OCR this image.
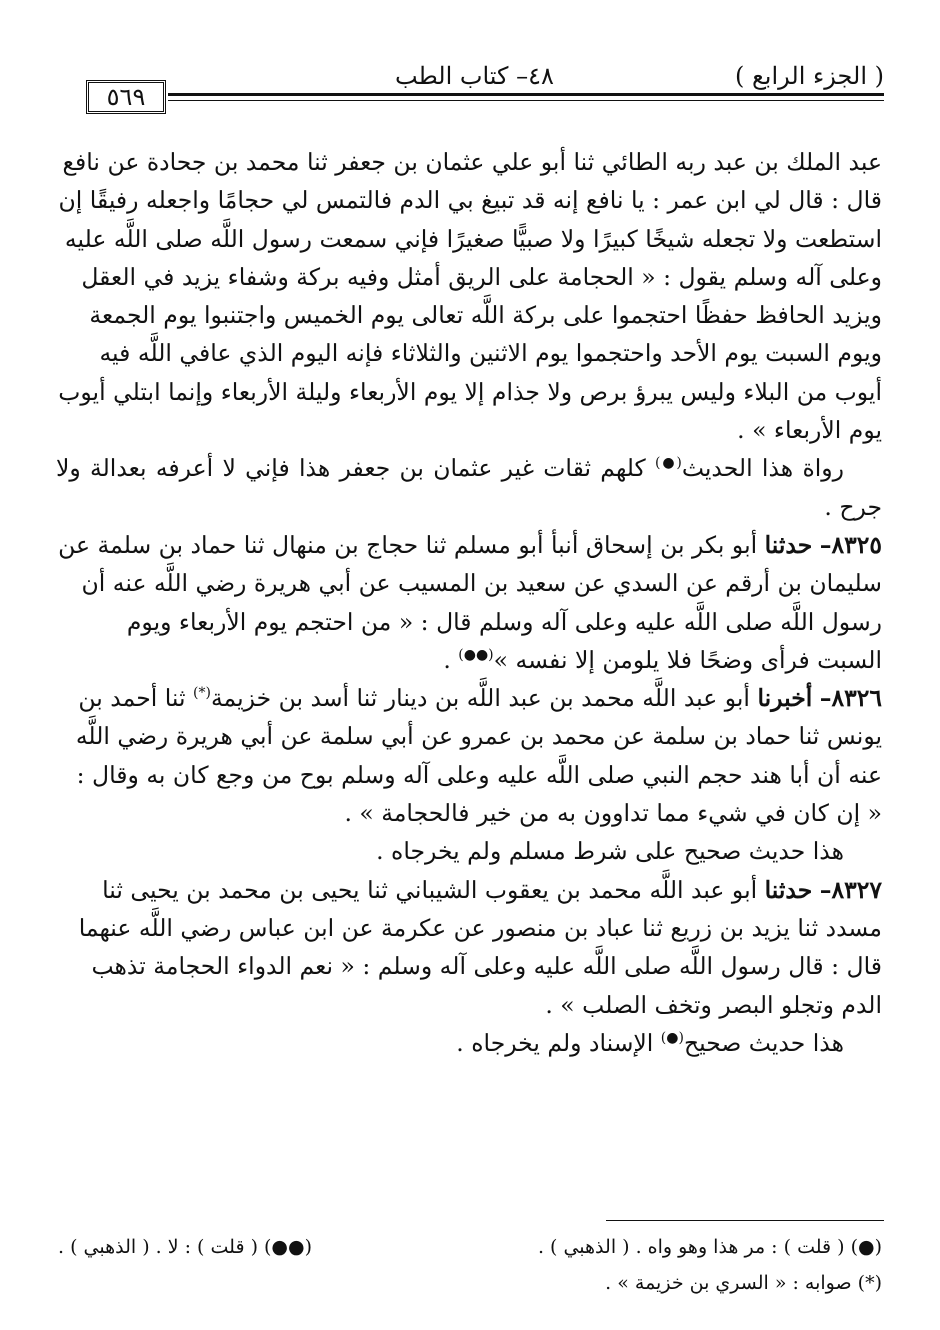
( الجزء الرابع )
٤٨– كتاب الطب
٥٦٩

عبد الملك بن عبد ربه الطائي ثنا أبو علي عثمان بن جعفر ثنا محمد بن جحادة عن نافع قال : قال لي ابن عمر : يا نافع إنه قد تبيغ بي الدم فالتمس لي حجامًا واجعله رفيقًا إن استطعت ولا تجعله شيخًا كبيرًا ولا صبيًّا صغيرًا فإني سمعت رسول اللَّه صلى اللَّه عليه وعلى آله وسلم يقول : « الحجامة على الريق أمثل وفيه بركة وشفاء يزيد في العقل ويزيد الحافظ حفظًا احتجموا على بركة اللَّه تعالى يوم الخميس واجتنبوا يوم الجمعة ويوم السبت يوم الأحد واحتجموا يوم الاثنين والثلاثاء فإنه اليوم الذي عافي اللَّه فيه أيوب من البلاء وليس يبرؤ برص ولا جذام إلا يوم الأربعاء وليلة الأربعاء وإنما ابتلي أيوب يوم الأربعاء » .

رواة هذا الحديث(●) كلهم ثقات غير عثمان بن جعفر هذا فإني لا أعرفه بعدالة ولا جرح .

٨٣٢٥– حدثنا أبو بكر بن إسحاق أنبأ أبو مسلم ثنا حجاج بن منهال ثنا حماد بن سلمة عن سليمان بن أرقم عن السدي عن سعيد بن المسيب عن أبي هريرة رضي اللَّه عنه أن رسول اللَّه صلى اللَّه عليه وعلى آله وسلم قال : « من احتجم يوم الأربعاء ويوم السبت فرأى وضحًا فلا يلومن إلا نفسه »(●●) .

٨٣٢٦– أخبرنا أبو عبد اللَّه محمد بن عبد اللَّه بن دينار ثنا أسد بن خزيمة(*) ثنا أحمد بن يونس ثنا حماد بن سلمة عن محمد بن عمرو عن أبي سلمة عن أبي هريرة رضي اللَّه عنه أن أبا هند حجم النبي صلى اللَّه عليه وعلى آله وسلم بوح من وجع كان به وقال : « إن كان في شيء مما تداوون به من خير فالحجامة » .

هذا حديث صحيح على شرط مسلم ولم يخرجاه .

٨٣٢٧– حدثنا أبو عبد اللَّه محمد بن يعقوب الشيباني ثنا يحيى بن محمد بن يحيى ثنا مسدد ثنا يزيد بن زريع ثنا عباد بن منصور عن عكرمة عن ابن عباس رضي اللَّه عنهما قال : قال رسول اللَّه صلى اللَّه عليه وعلى آله وسلم : « نعم الدواء الحجامة تذهب الدم وتجلو البصر وتخف الصلب » .

هذا حديث صحيح(●) الإسناد ولم يخرجاه .

(●) ( قلت ) : مر هذا وهو واه . ( الذهبي ) .
(●●) ( قلت ) : لا . ( الذهبي ) .
(*) صوابه : « السري بن خزيمة » .
